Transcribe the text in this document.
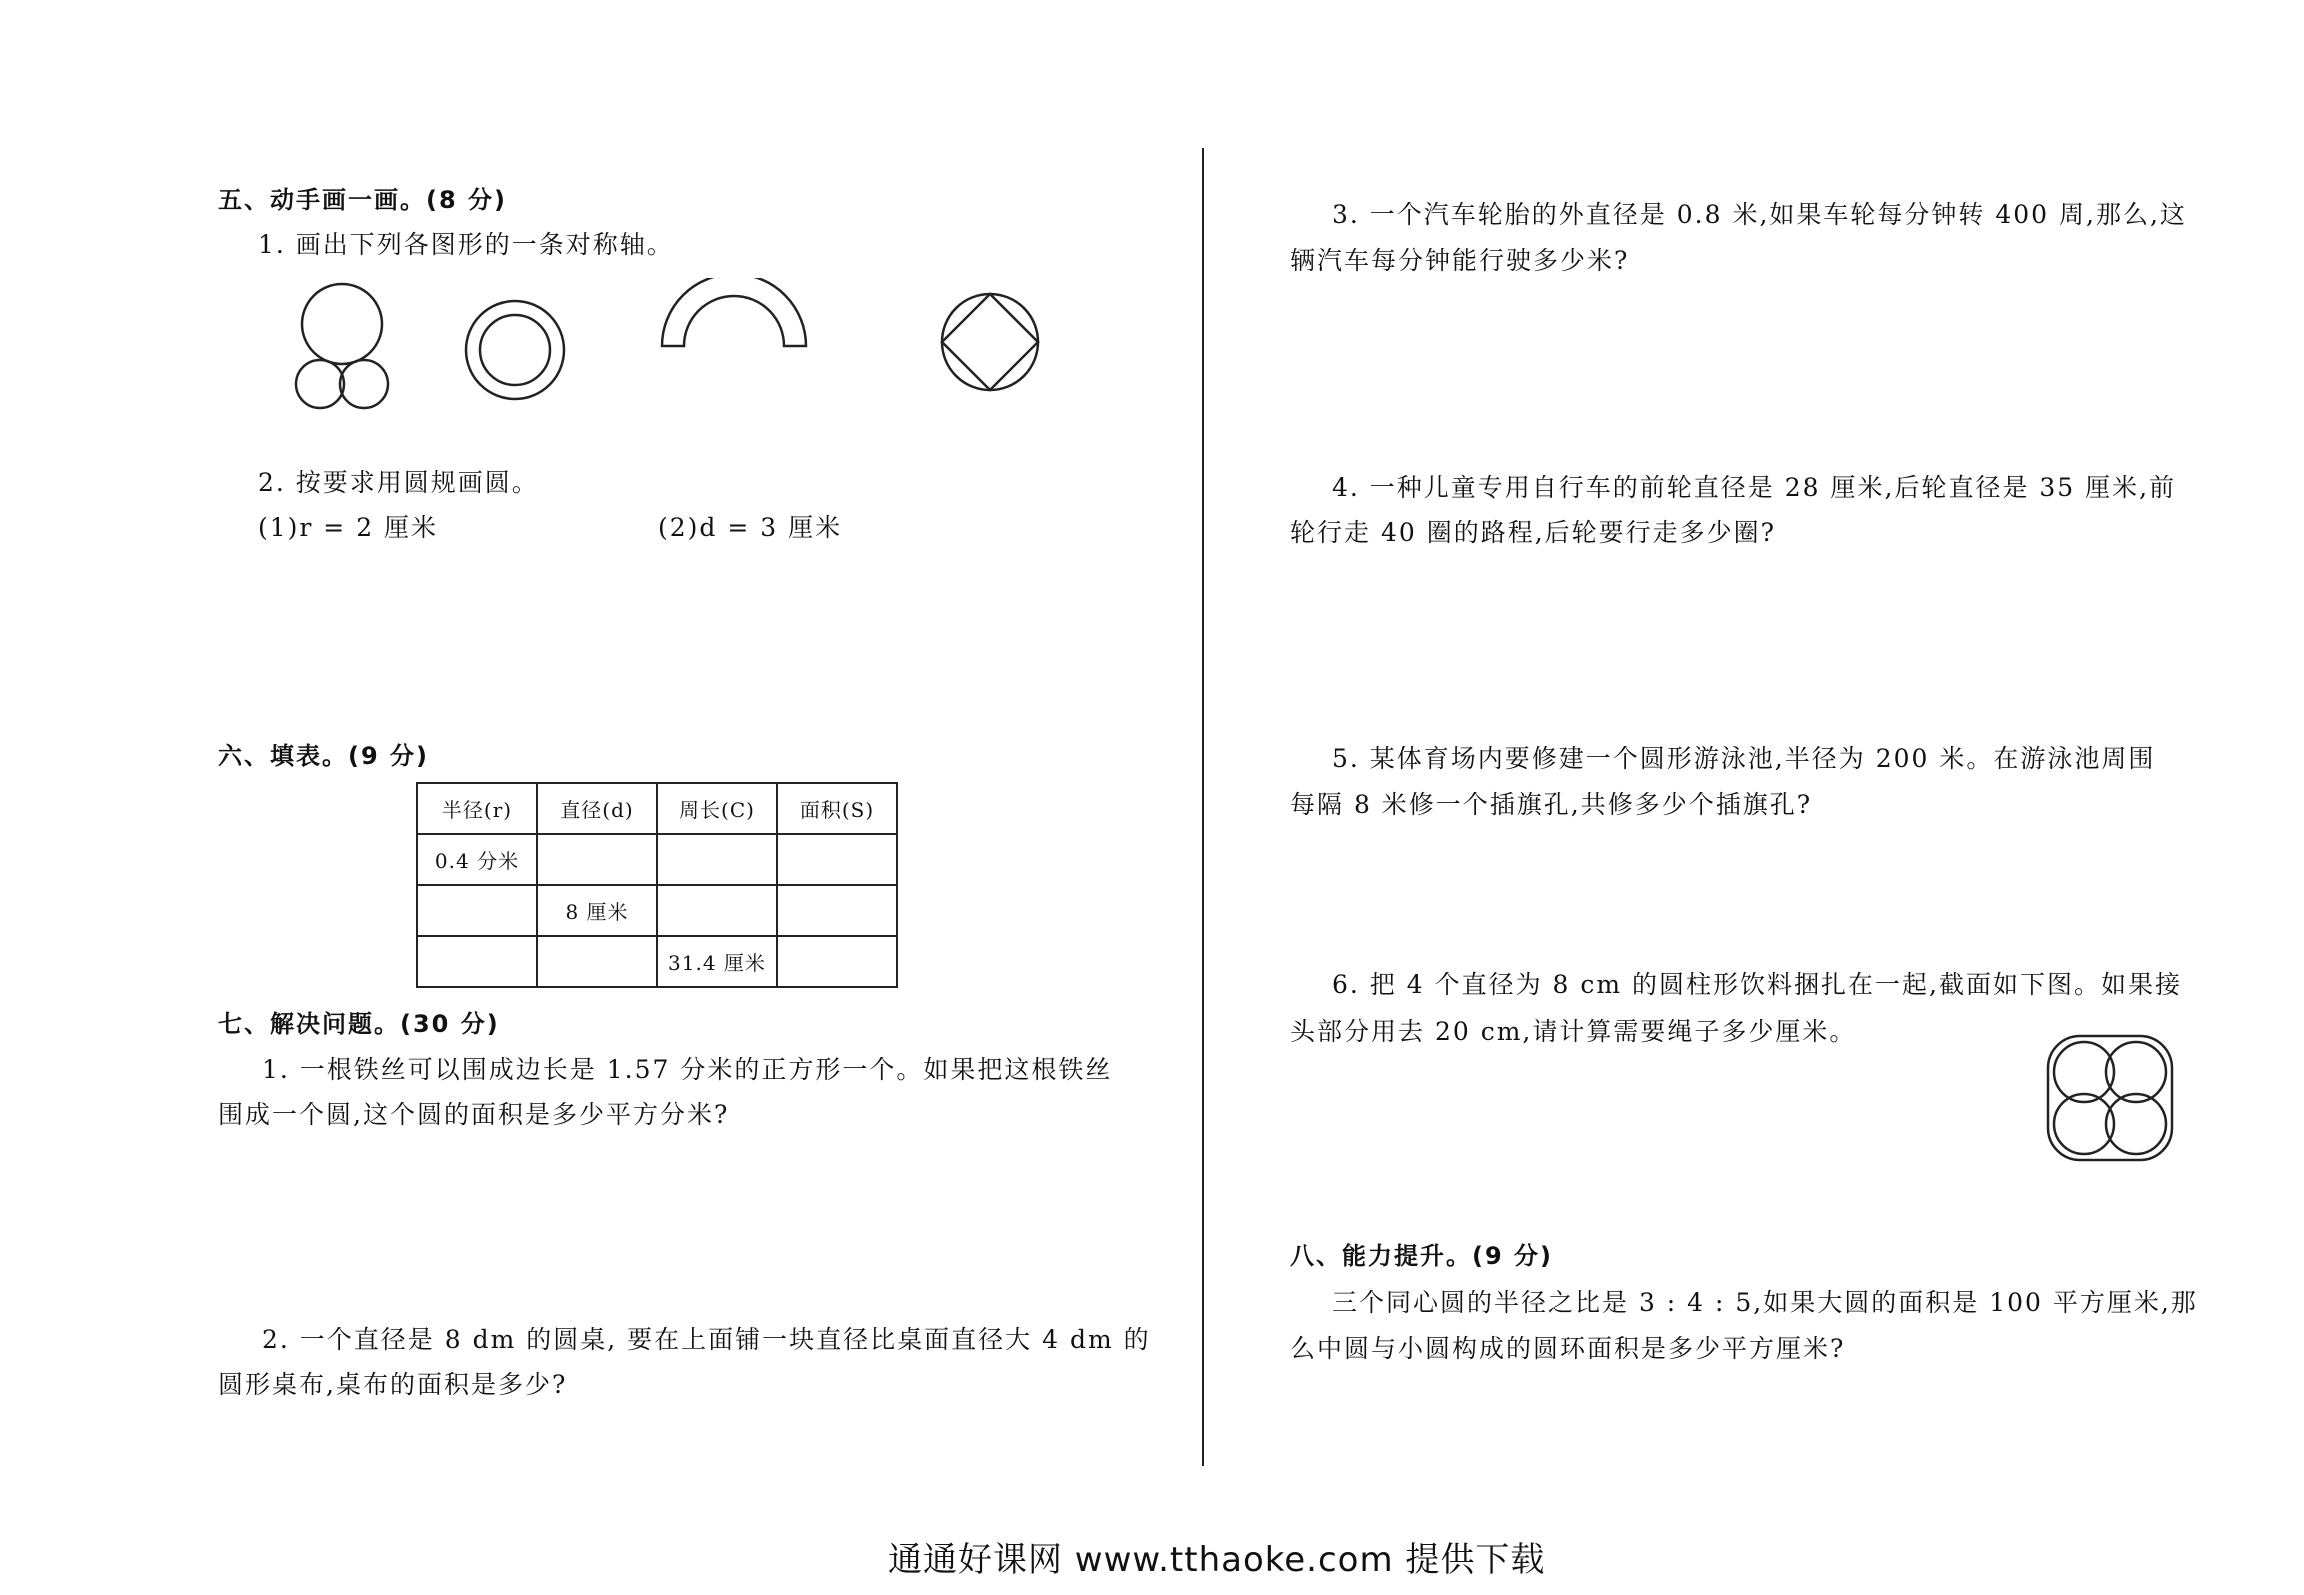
五、动手画一画。(8 分)
1. 画出下列各图形的一条对称轴。
2. 按要求用圆规画圆。
(1)r = 2 厘米	(2)d = 3 厘米
六、填表。(9 分)
半径(r)	直径(d)	周长(C)	面积(S)
0.4 分米			
	8 厘米		
		31.4 厘米	
七、解决问题。(30 分)
1. 一根铁丝可以围成边长是 1.57 分米的正方形一个。如果把这根铁丝
围成一个圆,这个圆的面积是多少平方分米?
2. 一个直径是 8 dm 的圆桌, 要在上面铺一块直径比桌面直径大 4 dm 的
圆形桌布,桌布的面积是多少?
3. 一个汽车轮胎的外直径是 0.8 米,如果车轮每分钟转 400 周,那么,这
辆汽车每分钟能行驶多少米?
4. 一种儿童专用自行车的前轮直径是 28 厘米,后轮直径是 35 厘米,前
轮行走 40 圈的路程,后轮要行走多少圈?
5. 某体育场内要修建一个圆形游泳池,半径为 200 米。在游泳池周围
每隔 8 米修一个插旗孔,共修多少个插旗孔?
6. 把 4 个直径为 8 cm 的圆柱形饮料捆扎在一起,截面如下图。如果接
头部分用去 20 cm,请计算需要绳子多少厘米。
八、能力提升。(9 分)
三个同心圆的半径之比是 3 : 4 : 5,如果大圆的面积是 100 平方厘米,那
么中圆与小圆构成的圆环面积是多少平方厘米?
通通好课网 www.tthaoke.com 提供下载
